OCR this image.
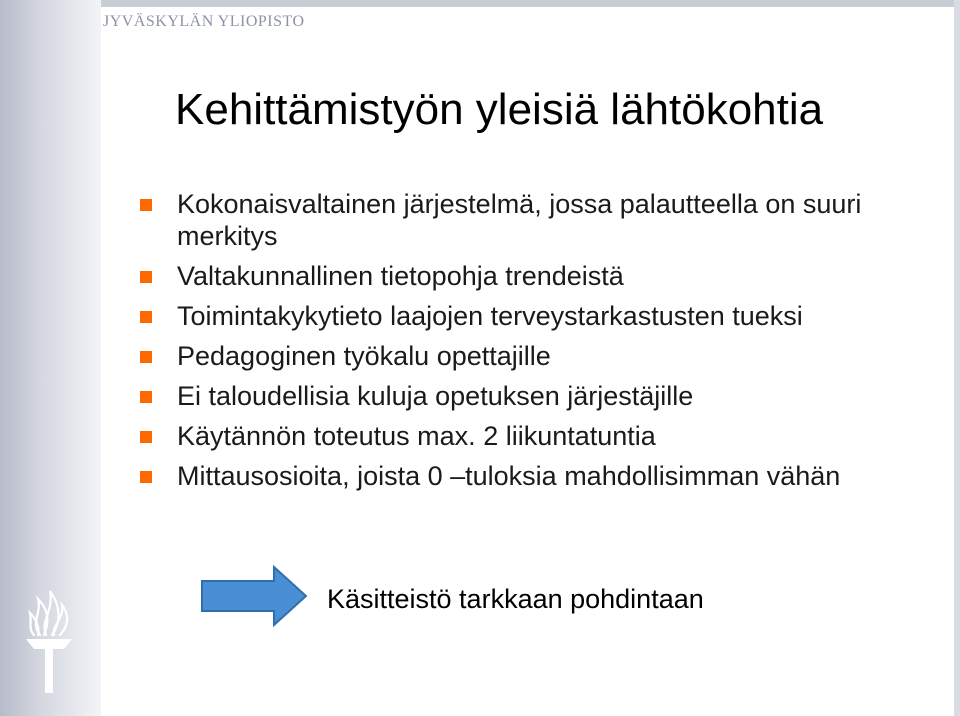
JYVÄSKYLÄN YLIOPISTO
Kehittämistyön yleisiä lähtökohtia
Kokonaisvaltainen järjestelmä, jossa palautteella on suuri merkitys
Valtakunnallinen tietopohja trendeistä
Toimintakykytieto laajojen terveystarkastusten tueksi
Pedagoginen työkalu opettajille
Ei taloudellisia kuluja opetuksen järjestäjille
Käytännön toteutus max. 2 liikuntatuntia
Mittausosioita, joista 0 –tuloksia mahdollisimman vähän
Käsitteistö tarkkaan pohdintaan
